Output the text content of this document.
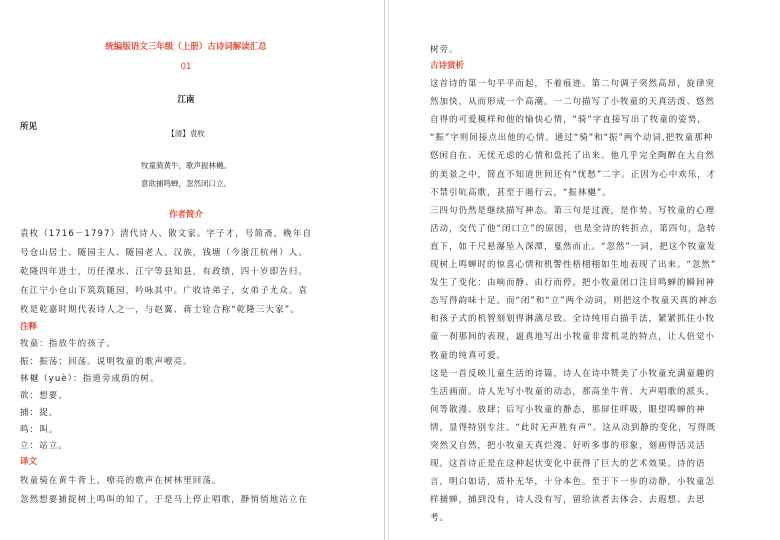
统编版语文三年级（上册）古诗词解读汇总
01
江南
所见
【清】袁枚
牧童骑黄牛，歌声振林樾。
意欲捕鸣蝉，忽然闭口立。
作者简介
袁枚（1716－1797）清代诗人、散文家。字子才，号简斋，晚年自
号仓山居士、随园主人、随园老人。汉族，钱塘（今浙江杭州）人。
乾隆四年进士，历任溧水、江宁等县知县，有政绩，四十岁即告归。
在江宁小仓山下筑筑随园，吟咏其中。广收诗弟子，女弟子尤众。袁
枚是乾嘉时期代表诗人之一，与赵翼、蒋士铨合称“乾隆三大家”。
注释
牧童：指放牛的孩子。
振：振荡；回荡。说明牧童的歌声嘹亮。
林樾（yuè）：指道旁成荫的树。
欲：想要。
捕：捉。
鸣：叫。
立：站立。
译文
牧童骑在黄牛背上，嘹亮的歌声在树林里回荡。
忽然想要捕捉树上鸣叫的知了，于是马上停止唱歌，静悄悄地站立在
树旁。
古诗赏析
这首诗的第一句平平而起，不着痕迹。第二句调子突然高昂，旋律突
然加快，从而形成一个高潮。一二句描写了小牧童的天真活泼、悠然
自得的可爱模样和他的愉快心情，“骑”字直接写出了牧童的姿势，
“振”字则间接点出他的心情。通过“骑”和“振”两个动词,把牧童那种
悠闲自在、无忧无虑的心情和盘托了出来。他几乎完全陶醉在大自然
的美景之中，简直不知道世间还有“忧愁”二字。正因为心中欢乐，才
不禁引吭高歌，甚至于遏行云，“振林樾”。
三四句仍然是继续描写神态。第三句是过渡，是作势。写牧童的心理
活动，交代了他“闭口立”的原因，也是全诗的转折点，第四句，急转
直下，如千尺悬瀑坠入深潭，戛然而止。“忽然”一词，把这个牧童发
现树上鸣蝉时的惊喜心情和机警性格栩栩如生地表现了出来。“忽然”
发生了变化：由响而静、由行而停，把小牧童闭口注目鸣蝉的瞬间神
态写得韵味十足。而“闭”和“立”两个动词，则把这个牧童天真的神态
和孩子式的机智刻划得淋漓尽致。全诗纯用白描手法，紧紧抓住小牧
童一刹那间的表现，逼真地写出小牧童非常机灵的特点，让人倍觉小
牧童的纯真可爱。
这是一首反映儿童生活的诗篇，诗人在诗中赞美了小牧童充满童趣的
生活画面。诗人先写小牧童的动态，那高坐牛背、大声唱歌的派头，
何等散漫、放肆；后写小牧童的静态，那屏住呼吸，眼望鸣蝉的神
情，显得特别专注。“此时无声胜有声”。这从动到静的变化，写得既
突然又自然，把小牧童天真烂漫、好听多事的形象，刻画得活灵活
现。这首诗正是在这种起伏变化中获得了巨大的艺术效果。诗的语
言，明白如话，质朴无华，十分本色。至于下一步的动静，小牧童怎
样捕蝉，捕到没有，诗人没有写，留给读者去体会、去遐想、去思
考。
